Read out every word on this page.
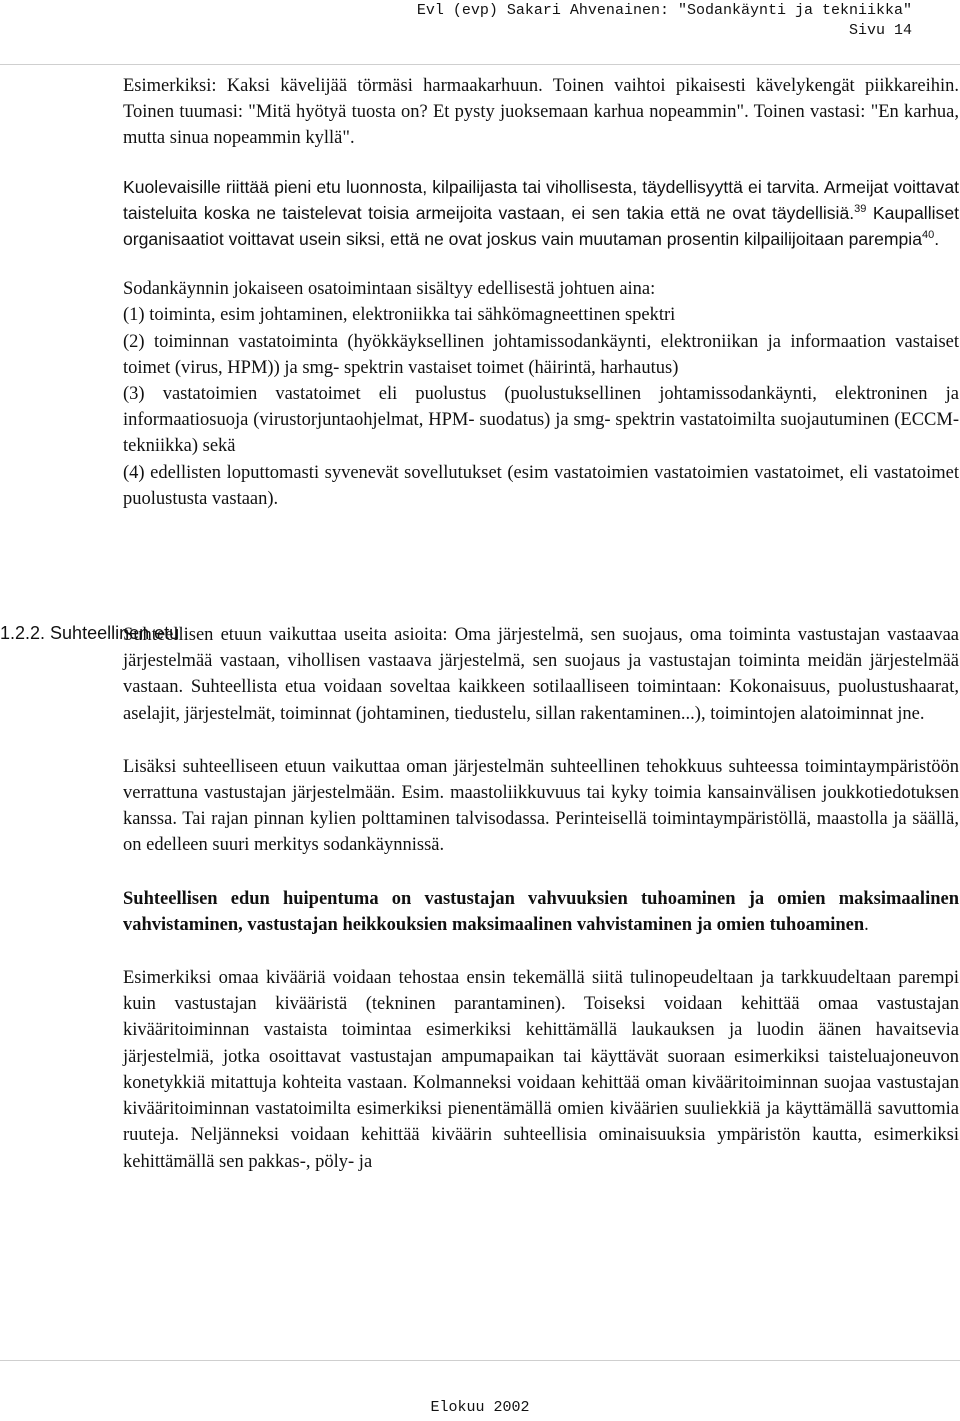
Evl (evp) Sakari Ahvenainen: "Sodankäynti ja tekniikka"
Sivu 14
1.2.2. Suhteellinen etu

Esimerkiksi: Kaksi kävelijää törmäsi harmaakarhuun. Toinen vaihtoi pikaisesti kävelykengät piikkareihin. Toinen tuumasi: "Mitä hyötyä tuosta on? Et pysty juoksemaan karhua nopeammin". Toinen vastasi: "En karhua, mutta sinua nopeammin kyllä".

Kuolevaisille riittää pieni etu luonnosta, kilpailijasta tai vihollisesta, täydellisyyttä ei tarvita. Armeijat voittavat taisteluita koska ne taistelevat toisia armeijoita vastaan, ei sen takia että ne ovat täydellisiä.$^{39}$ Kaupalliset organisaatiot voittavat usein siksi, että ne ovat joskus vain muutaman prosentin kilpailijoitaan parempia$^{40}$.

Sodankäynnin jokaiseen osatoimintaan sisältyy edellisestä johtuen aina:

(1) toiminta, esim johtaminen, elektroniikka tai sähkömagneettinen spektri

(2) toiminnan vastatoiminta (hyökkäyksellinen johtamissodankäynti, elektroniikan ja informaation vastaiset toimet (virus, HPM)) ja smg- spektrin vastaiset toimet (häirintä, harhautus)

(3) vastatoimien vastatoimet eli puolustus (puolustuksellinen johtamissodankäynti, elektroninen ja informaatiosuoja (virustorjuntaohjelmat, HPM- suodatus) ja smg- spektrin vastatoimilta suojautuminen (ECCM- tekniikka) sekä

(4) edellisten loputtomasti syvenevät sovellutukset (esim vastatoimien vastatoimien vastatoimet, eli vastatoimet puolustusta vastaan).

Suhteellisen etuun vaikuttaa useita asioita: Oma järjestelmä, sen suojaus, oma toiminta vastustajan vastaavaa järjestelmää vastaan, vihollisen vastaava järjestelmä, sen suojaus ja vastustajan toiminta meidän järjestelmää vastaan. Suhteellista etua voidaan soveltaa kaikkeen sotilaalliseen toimintaan: Kokonaisuus, puolustushaarat, aselajit, järjestelmät, toiminnat (johtaminen, tiedustelu, sillan rakentaminen...), toimintojen alatoiminnat jne.

Lisäksi suhteelliseen etuun vaikuttaa oman järjestelmän suhteellinen tehokkuus suhteessa toimintaympäristöön verrattuna vastustajan järjestelmään. Esim. maastoliikkuvuus tai kyky toimia kansainvälisen joukkotiedotuksen kanssa. Tai rajan pinnan kylien polttaminen talvisodassa. Perinteisellä toimintaympäristöllä, maastolla ja säällä, on edelleen suuri merkitys sodankäynnissä.

Suhteellisen edun huipentuma on vastustajan vahvuuksien tuhoaminen ja omien maksimaalinen vahvistaminen, vastustajan heikkouksien maksimaalinen vahvistaminen ja omien tuhoaminen.

Esimerkiksi omaa kivääriä voidaan tehostaa ensin tekemällä siitä tulinopeudeltaan ja tarkkuudeltaan parempi kuin vastustajan kivääristä (tekninen parantaminen). Toiseksi voidaan kehittää omaa vastustajan kivääritoiminnan vastaista toimintaa esimerkiksi kehittämällä laukauksen ja luodin äänen havaitsevia järjestelmiä, jotka osoittavat vastustajan ampumapaikan tai käyttävät suoraan esimerkiksi taisteluajoneuvon konetykkiä mitattuja kohteita vastaan. Kolmanneksi voidaan kehittää oman kivääritoiminnan suojaa vastustajan kivääritoiminnan vastatoimilta esimerkiksi pienentämällä omien kiväärien suuliekkiä ja käyttämällä savuttomia ruuteja. Neljänneksi voidaan kehittää kiväärin suhteellisia ominaisuuksia ympäristön kautta, esimerkiksi kehittämällä sen pakkas-, pöly- ja

Elokuu 2002
